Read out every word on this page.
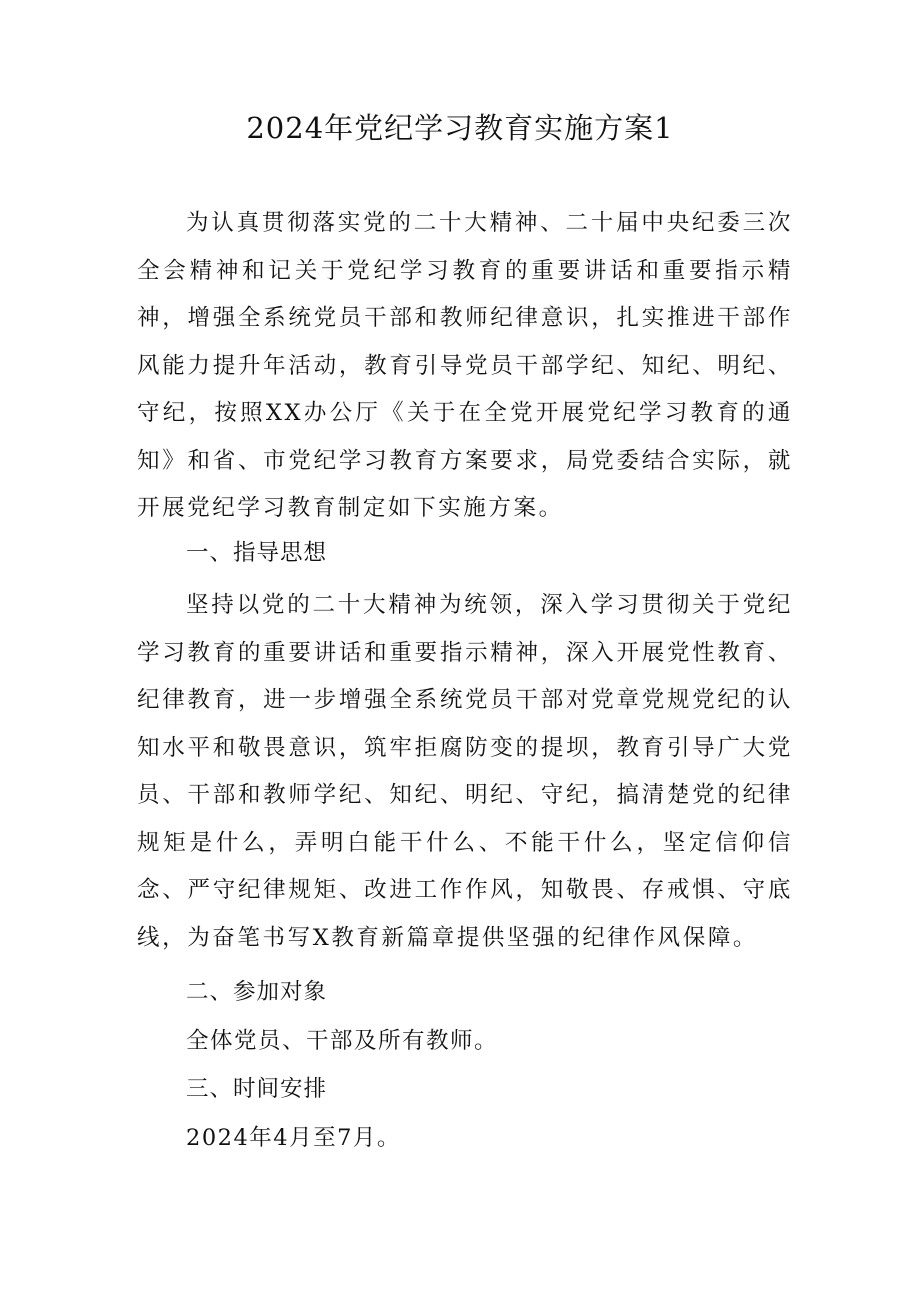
2024年党纪学习教育实施方案1

为认真贯彻落实党的二十大精神、二十届中央纪委三次全会精神和记关于党纪学习教育的重要讲话和重要指示精神，增强全系统党员干部和教师纪律意识，扎实推进干部作风能力提升年活动，教育引导党员干部学纪、知纪、明纪、守纪，按照XX办公厅《关于在全党开展党纪学习教育的通知》和省、市党纪学习教育方案要求，局党委结合实际，就开展党纪学习教育制定如下实施方案。

一、指导思想

坚持以党的二十大精神为统领，深入学习贯彻关于党纪学习教育的重要讲话和重要指示精神，深入开展党性教育、纪律教育，进一步增强全系统党员干部对党章党规党纪的认知水平和敬畏意识，筑牢拒腐防变的提坝，教育引导广大党员、干部和教师学纪、知纪、明纪、守纪，搞清楚党的纪律规矩是什么，弄明白能干什么、不能干什么，坚定信仰信念、严守纪律规矩、改进工作作风，知敬畏、存戒惧、守底线，为奋笔书写X教育新篇章提供坚强的纪律作风保障。

二、参加对象

全体党员、干部及所有教师。

三、时间安排

2024年4月至7月。
